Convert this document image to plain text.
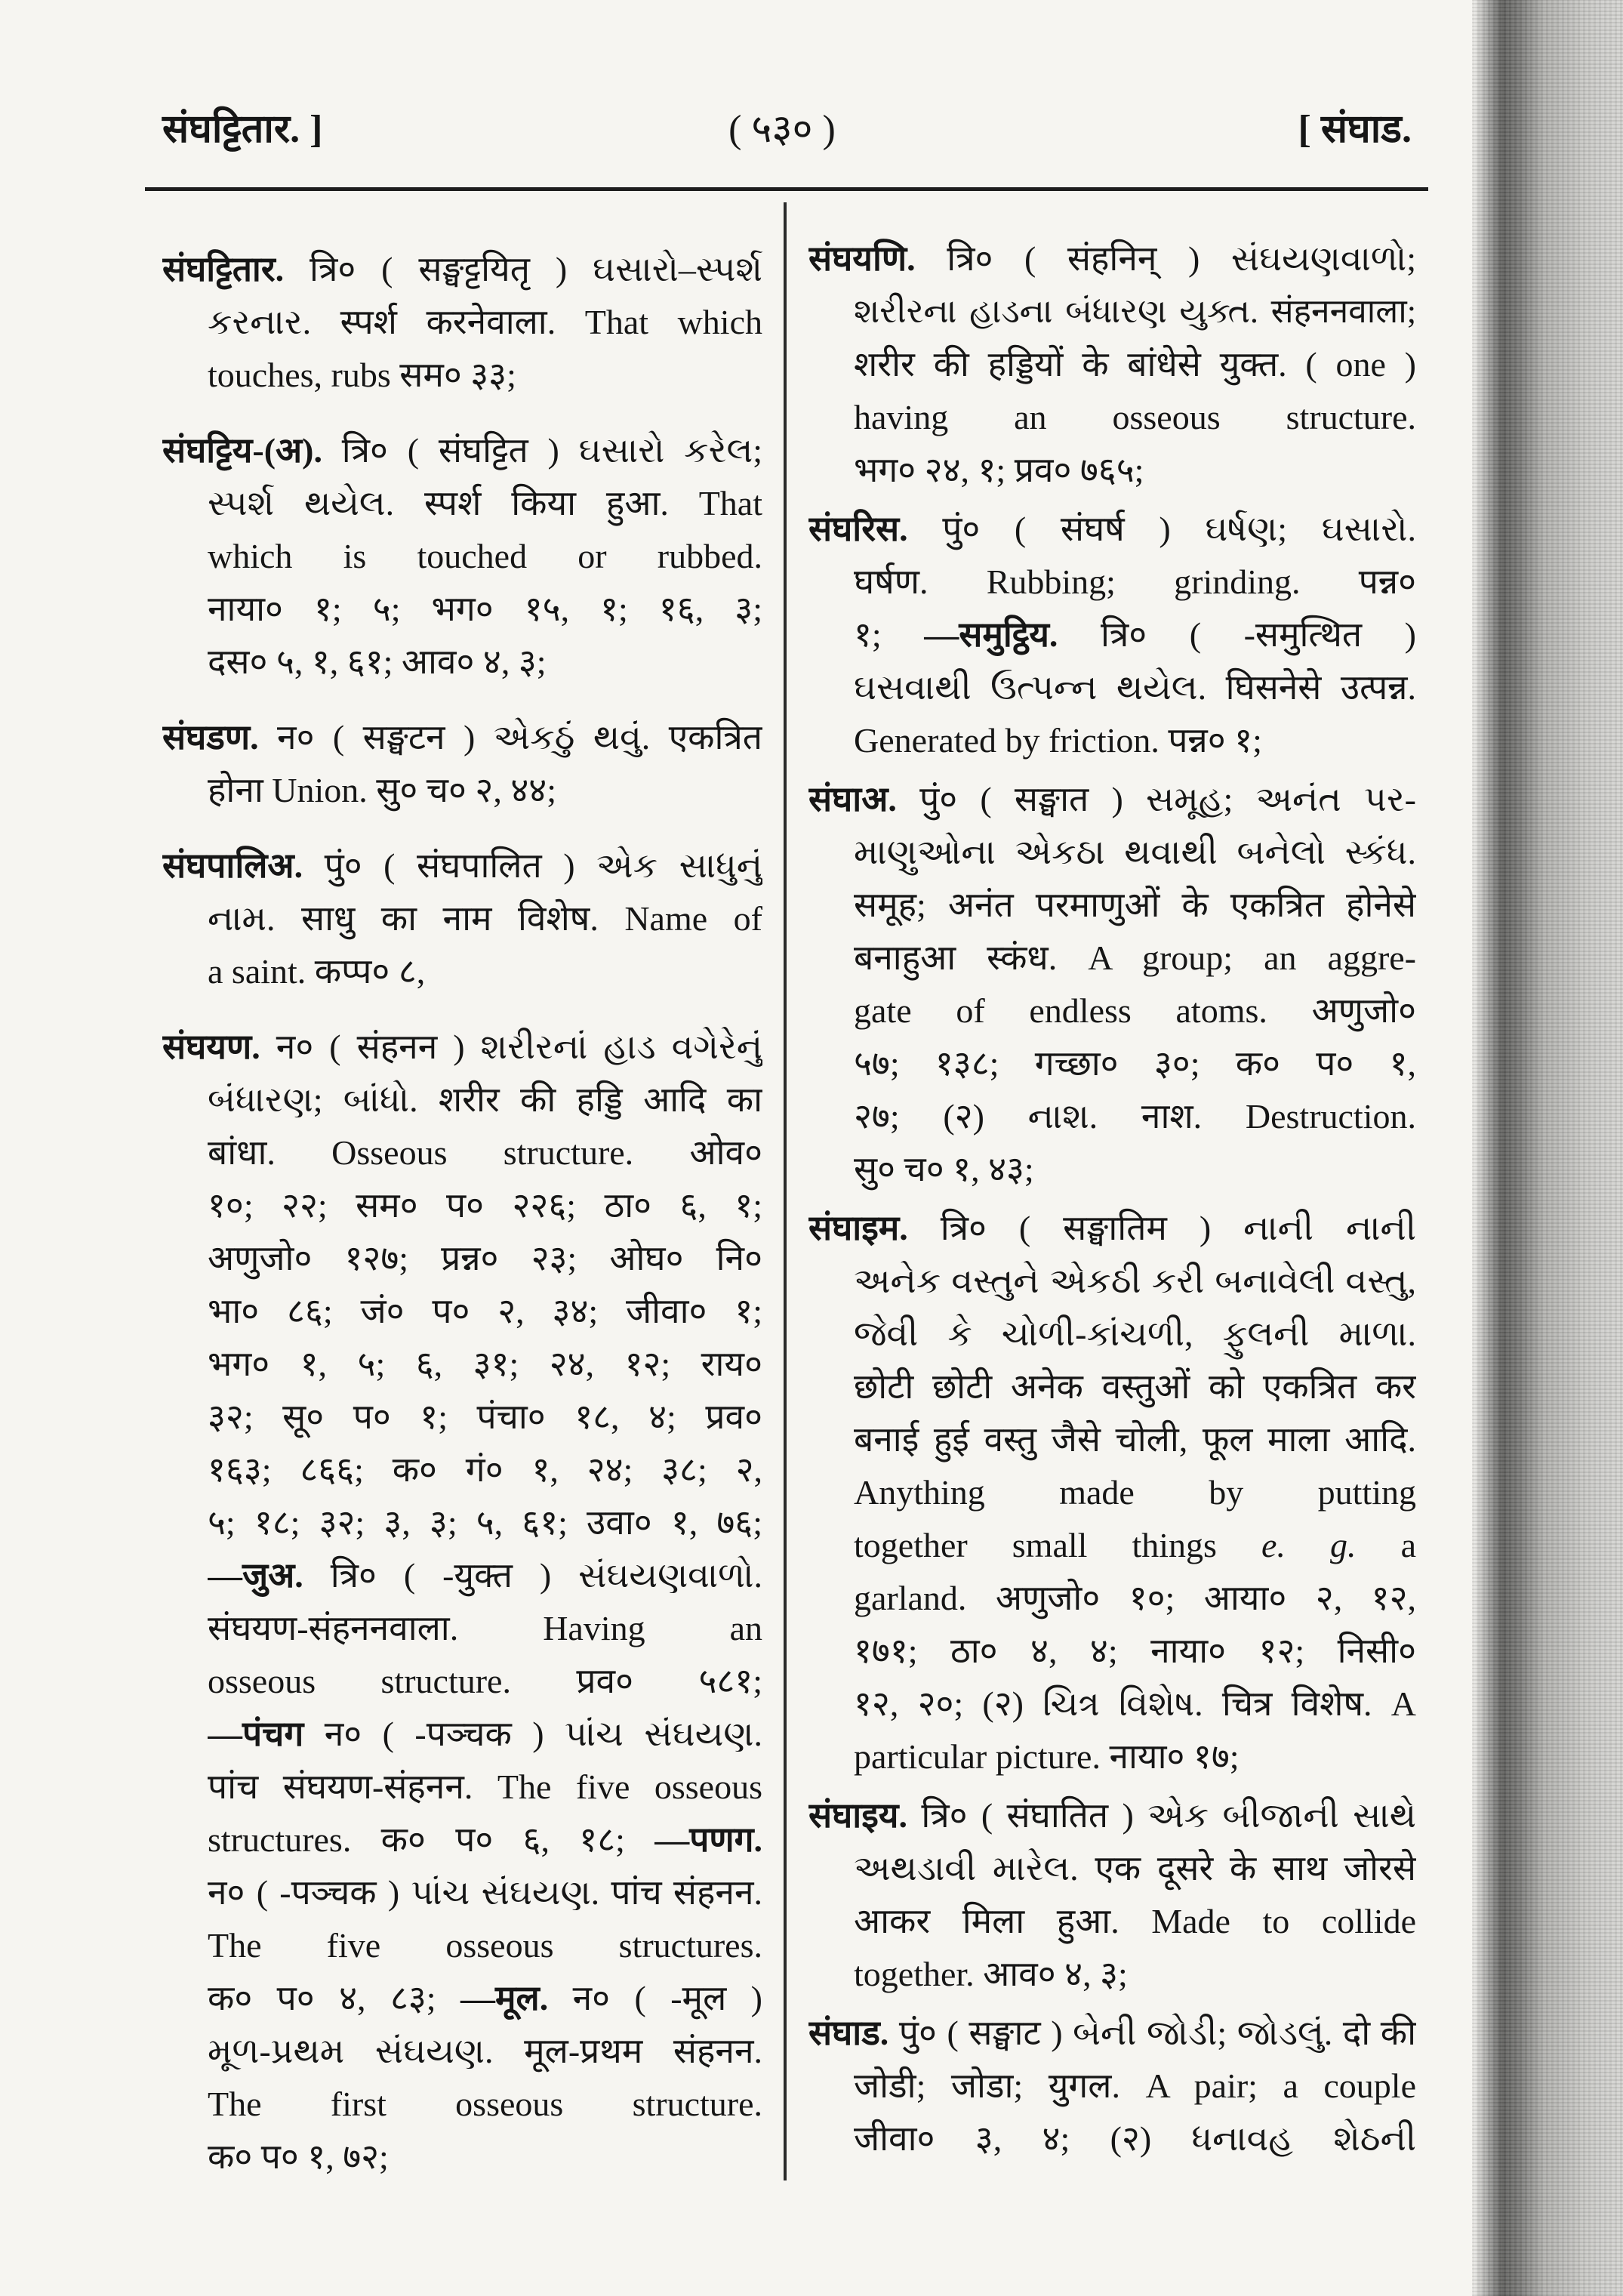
संघट्टितार. ]	( ५३० )	[ संघाड.
संघट्टितार. त्रि० ( सङ्घट्टयितृ ) ઘસારો–સ્પર્શ
કરનાર. स्पर्श करनेवाला. That which
touches, rubs सम० ३३;
संघट्टिय-(अ). त्रि० ( संघट्टित ) ઘસારો કરેલ;
સ્પર્શ થયેલ. स्पर्श किया हुआ. That
which is touched or rubbed.
नाया० १; ५; भग० १५, १; १६, ३;
दस० ५, १, ६१; आव० ४, ३;
संघडण. न० ( सङ्घटन ) એકઠું થવું. एकत्रित
होना Union. सु० च० २, ४४;
संघपालिअ. पुं० ( संघपालित ) એક સાધુનું
નામ. साधु का नाम विशेष. Name of
a saint. कप्प० ८,
संघयण. न० ( संहनन ) શરીરનાં હાડ વગેરેનું
બંધારણ; બાંધો. शरीर की हड्डि आदि का
बांधा. Osseous structure. ओव०
१०; २२; सम० प० २२६; ठा० ६, १;
अणुजो० १२७; प्रन्न० २३; ओघ० नि०
भा० ८६; जं० प० २, ३४; जीवा० १;
भग० १, ५; ६, ३१; २४, १२; राय०
३२; सू० प० १; पंचा० १८, ४; प्रव०
१६३; ८६६; क० गं० १, २४; ३८; २,
५; १८; ३२; ३, ३; ५, ६१; उवा० १, ७६;
—जुअ. त्रि० ( -युक्त ) સંઘયણવાળો.
संघयण-संहननवाला. Having an
osseous structure. प्रव० ५८१;
—पंचग न० ( -पञ्चक ) પાંચ સંઘયણ.
पांच संघयण-संहनन. The five osseous
structures. क० प० ६, १८; —पणग.
न० ( -पञ्चक ) પાંચ સંઘયણ. पांच संहनन.
The five osseous structures.
क० प० ४, ८३; —मूल. न० ( -मूल )
મૂળ-પ્રથમ સંઘયણ. मूल-प्रथम संहनन.
The first osseous structure.
क० प० १, ७२;
संघयणि. त्रि० ( संहनिन् ) સંઘયણવાળો;
શરીરના હાડના બંધારણ યુક્ત. संहननवाला;
शरीर की हड्डियों के बांधेसे युक्त. ( one )
having an osseous structure.
भग० २४, १; प्रव० ७६५;
संघरिस. पुं० ( संघर्ष ) ઘર્ષણ; ઘસારો.
घर्षण. Rubbing; grinding. पन्न०
१; —समुट्ठिय. त्रि० ( -समुत्थित )
ઘસવાથી ઉત્પન્ન થયેલ. घिसनेसे उत्पन्न.
Generated by friction. पन्न० १;
संघाअ. पुं० ( सङ्घात ) સમૂહ; અનંત પર-
માણુઓના એકઠા થવાથી બનેલો સ્કંધ.
समूह; अनंत परमाणुओं के एकत्रित होनेसे
बनाहुआ स्कंध. A group; an aggre-
gate of endless atoms. अणुजो०
५७; १३८; गच्छा० ३०; क० प० १,
२७; (२) નાશ. नाश. Destruction.
सु० च० १, ४३;
संघाइम. त्रि० ( सङ्घातिम ) નાની નાની
અનેક વસ્તુને એકઠી કરી બનાવેલી વસ્તુ,
જેવી કે ચોળી-કાંચળી, ફુલની માળા.
छोटी छोटी अनेक वस्तुओं को एकत्रित कर
बनाई हुई वस्तु जैसे चोली, फूल माला आदि.
Anything made by putting
together small things e. g. a
garland. अणुजो० १०; आया० २, १२,
१७१; ठा० ४, ४; नाया० १२; निसी०
१२, २०; (२) ચિત્ર વિશેષ. चित्र विशेष. A
particular picture. नाया० १७;
संघाइय. त्रि० ( संघातित ) એક બીજાની સાથે
અથડાવી મારેલ. एक दूसरे के साथ जोरसे
आकर मिला हुआ. Made to collide
together. आव० ४, ३;
संघाड. पुं० ( सङ्घाट ) બેની જોડી; જોડલું. दो की
जोडी; जोडा; युगल. A pair; a couple
जीवा० ३, ४; (२) ધનાવહ શેઠની
